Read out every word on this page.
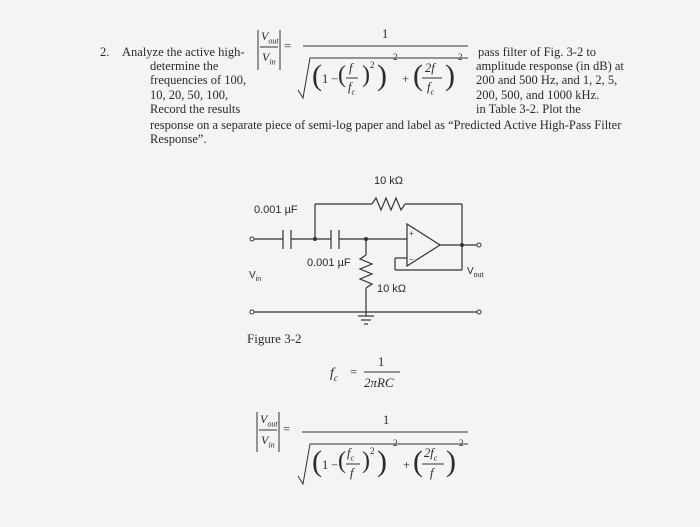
2. Analyze the active high-
determine the
frequencies of 100,
10, 20, 50, 100,
Record the results
pass filter of Fig. 3-2 to
amplitude response (in dB) at
200 and 500 Hz, and 1, 2, 5,
200, 500, and 1000 kHz.
in Table 3-2. Plot the
response on a separate piece of semi-log paper and label as “Predicted Active High-Pass Filter
Response”.
$V_{out}$
$V_{in}$
=
1
( 1 − ( f
$f_c$
) 2 )
2
+ ( 2f
$f_c$ )
2
+
−
0.001 µF
0.001 µF
10 kΩ
10 kΩ
$V_{in}$
$V_{out}$
Figure 3-2
$f_c$ =
1
2πRC
$V_{out}$
$V_{in}$
=
1
( 1 − ( $f_c$
f ) 2 )
2
+ ( $2f_c$
f )
2
